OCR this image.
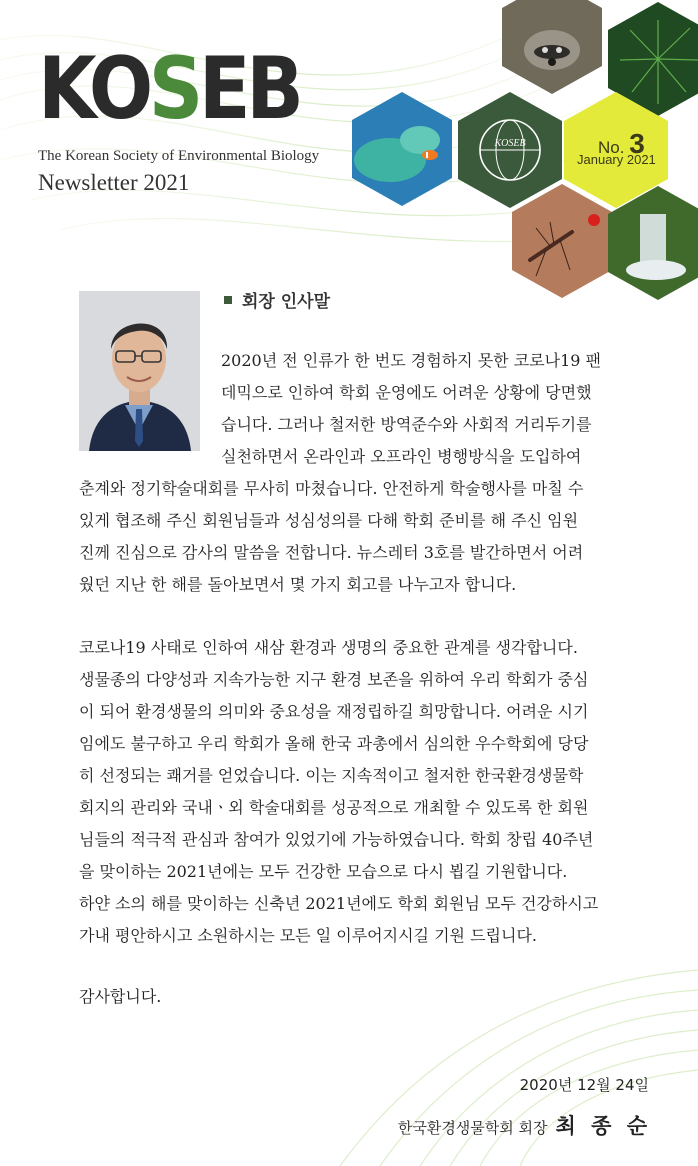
KOSEB
The Korean Society of Environmental Biology
Newsletter 2021
KOSEB	No. 3
January 2021
회장 인사말
2020년 전 인류가 한 번도 경험하지 못한 코로나19 팬
데믹으로 인하여 학회 운영에도 어려운 상황에 당면했
습니다. 그러나 철저한 방역준수와 사회적 거리두기를
실천하면서 온라인과 오프라인 병행방식을 도입하여
춘계와 정기학술대회를 무사히 마쳤습니다. 안전하게 학술행사를 마칠 수
있게 협조해 주신 회원님들과 성심성의를 다해 학회 준비를 해 주신 임원
진께 진심으로 감사의 말씀을 전합니다. 뉴스레터 3호를 발간하면서 어려
웠던 지난 한 해를 돌아보면서 몇 가지 회고를 나누고자 합니다.
코로나19 사태로 인하여 새삼 환경과 생명의 중요한 관계를 생각합니다.
생물종의 다양성과 지속가능한 지구 환경 보존을 위하여 우리 학회가 중심
이 되어 환경생물의 의미와 중요성을 재정립하길 희망합니다. 어려운 시기
임에도 불구하고 우리 학회가 올해 한국 과총에서 심의한 우수학회에 당당
히 선정되는 쾌거를 얻었습니다. 이는 지속적이고 철저한 한국환경생물학
회지의 관리와 국내ㆍ외 학술대회를 성공적으로 개최할 수 있도록 한 회원
님들의 적극적 관심과 참여가 있었기에 가능하였습니다. 학회 창립 40주년
을 맞이하는 2021년에는 모두 건강한 모습으로 다시 뵙길 기원합니다.
하얀 소의 해를 맞이하는 신축년 2021년에도 학회 회원님 모두 건강하시고
가내 평안하시고 소원하시는 모든 일 이루어지시길 기원 드립니다.
감사합니다.
2020년 12월 24일
한국환경생물학회 회장 최 종 순
